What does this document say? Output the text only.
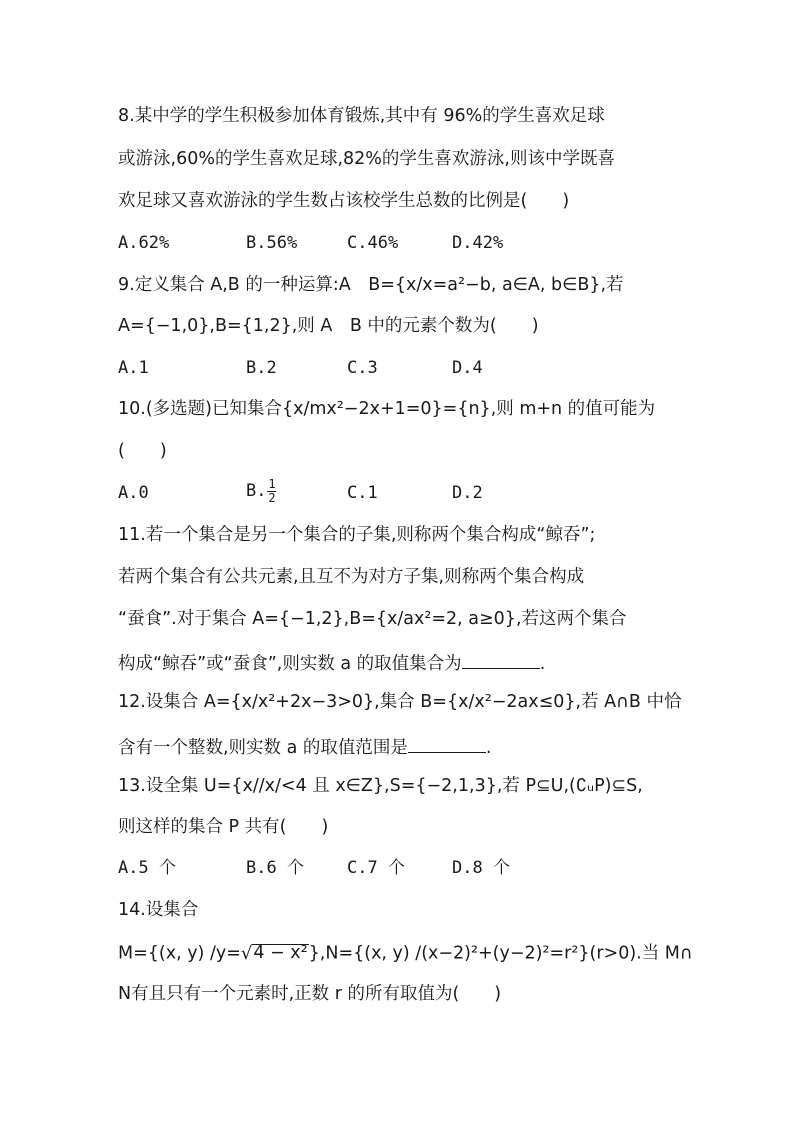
8.某中学的学生积极参加体育锻炼,其中有 96%的学生喜欢足球
或游泳,60%的学生喜欢足球,82%的学生喜欢游泳,则该中学既喜
欢足球又喜欢游泳的学生数占该校学生总数的比例是(　　)
A.62%	B.56%	C.46%	D.42%
9.定义集合 A,B 的一种运算:A　B={x/x=a²−b, a∈A, b∈B},若
A={−1,0},B={1,2},则 A　B 中的元素个数为(　　)
A.1	B.2	C.3	D.4
10.(多选题)已知集合{x/mx²−2x+1=0}={n},则 m+n 的值可能为
(　　)
A.0	B. $\frac{1}{2}$	C.1	D.2
11.若一个集合是另一个集合的子集,则称两个集合构成“鲸吞”;
若两个集合有公共元素,且互不为对方子集,则称两个集合构成
“蚕食”.对于集合 A={−1,2},B={x/ax²=2, a≥0},若这两个集合
构成“鲸吞”或“蚕食”,则实数 a 的取值集合为	.
12.设集合 A={x/x²+2x−3>0},集合 B={x/x²−2ax≤0},若 A∩B 中恰
含有一个整数,则实数 a 的取值范围是	.
13.设全集 U={x//x/<4 且 x∈Z},S={−2,1,3},若 P⊆U,(∁ᵤP)⊆S,
则这样的集合 P 共有(　　)
A.5 个	B.6 个	C.7 个	D.8 个
14.设集合
M={(x, y) /y= √ 4 − x² },N={(x, y) /(x−2)²+(y−2)²=r²}(r>0).当 M∩
N有且只有一个元素时,正数 r 的所有取值为(　　)
